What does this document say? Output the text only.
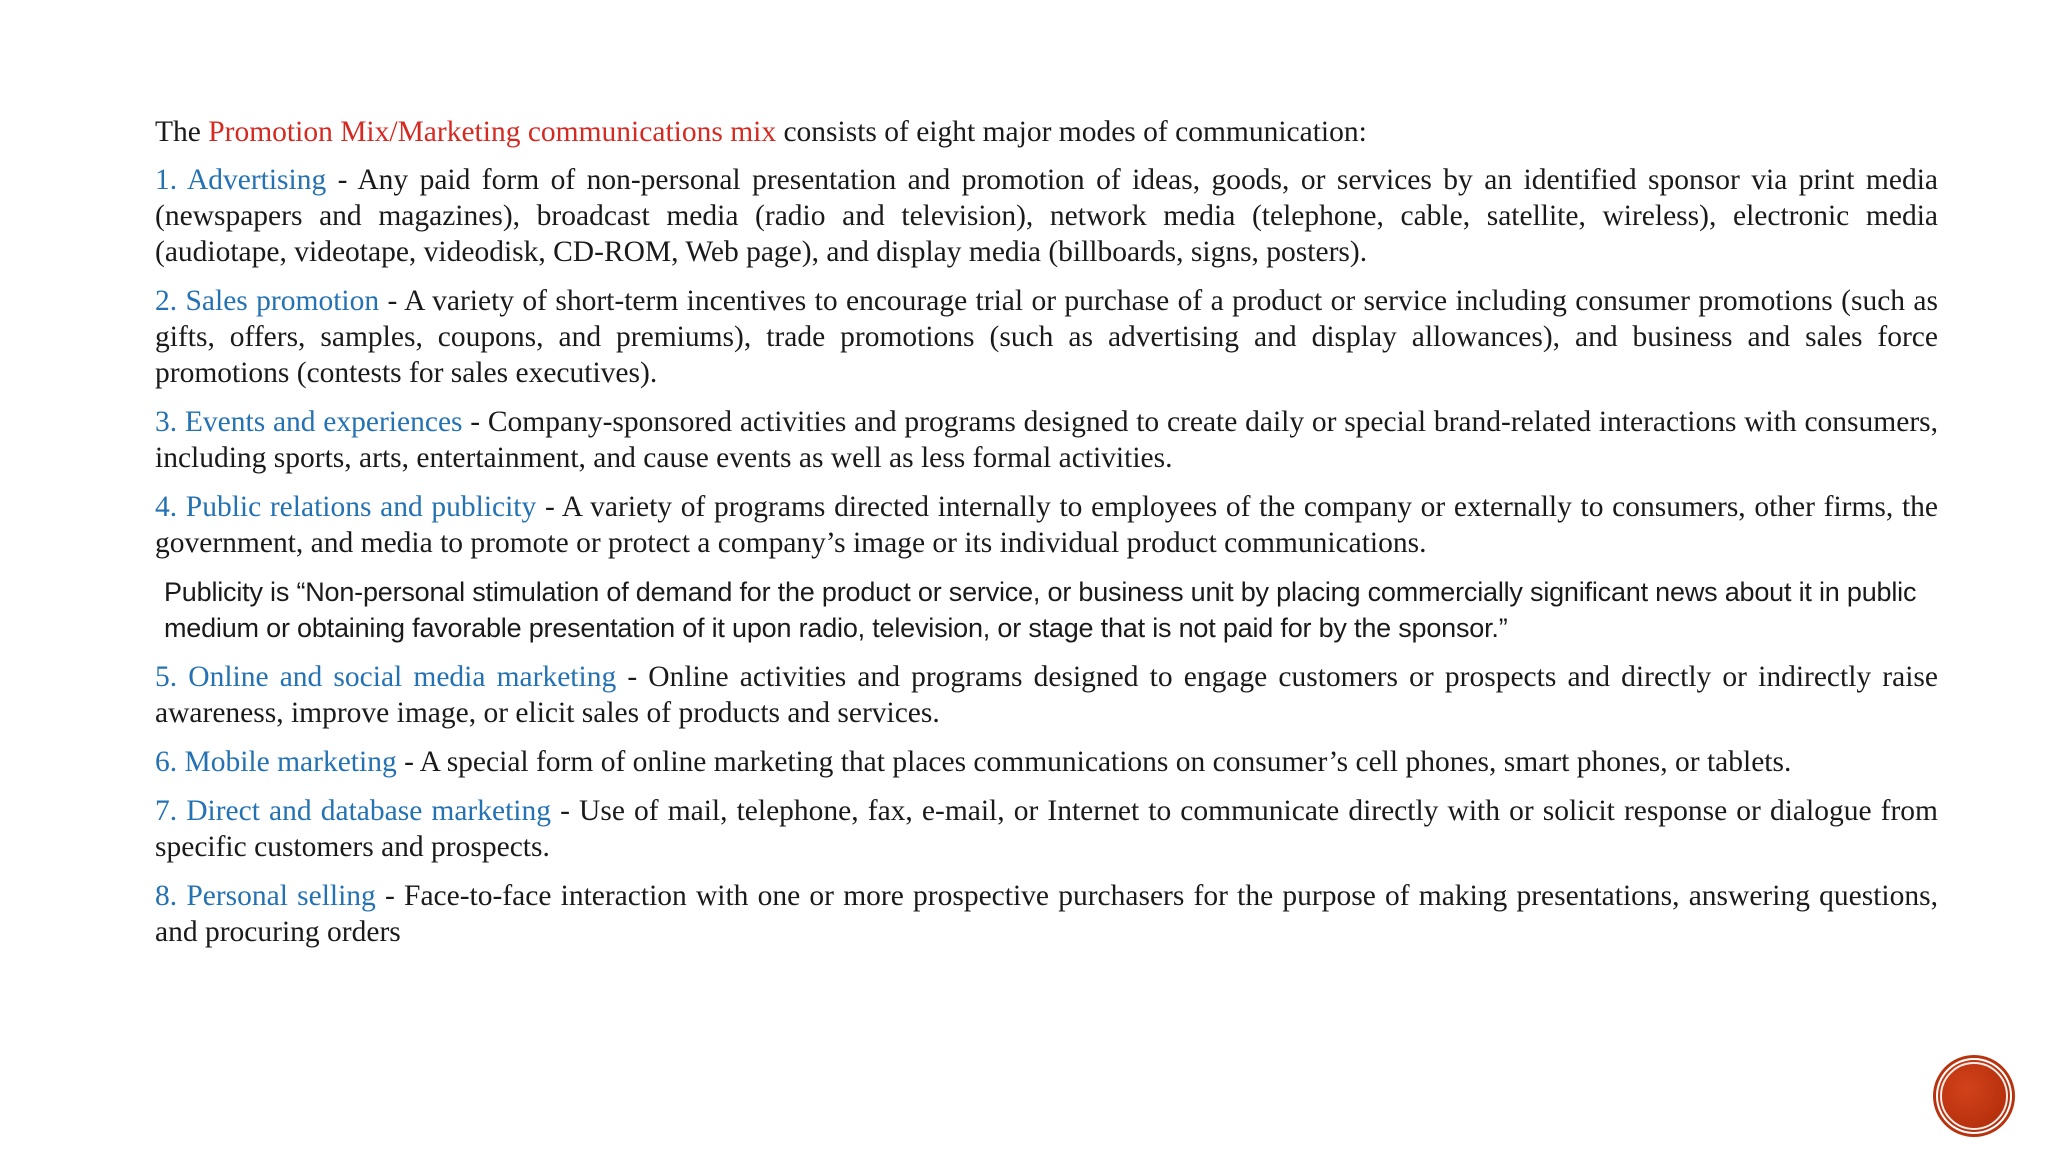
The Promotion Mix/Marketing communications mix consists of eight major modes of communication:

1. Advertising - Any paid form of non-personal presentation and promotion of ideas, goods, or services by an identified sponsor via print media (newspapers and magazines), broadcast media (radio and television), network media (telephone, cable, satellite, wireless), electronic media (audiotape, videotape, videodisk, CD-ROM, Web page), and display media (billboards, signs, posters).

2. Sales promotion - A variety of short-term incentives to encourage trial or purchase of a product or service including consumer promotions (such as gifts, offers, samples, coupons, and premiums), trade promotions (such as advertising and display allowances), and business and sales force promotions (contests for sales executives).

3. Events and experiences - Company-sponsored activities and programs designed to create daily or special brand-related interactions with consumers, including sports, arts, entertainment, and cause events as well as less formal activities.

4. Public relations and publicity - A variety of programs directed internally to employees of the company or externally to consumers, other firms, the government, and media to promote or protect a company’s image or its individual product communications.

Publicity is “Non-personal stimulation of demand for the product or service, or business unit by placing commercially significant news about it in public medium or obtaining favorable presentation of it upon radio, television, or stage that is not paid for by the sponsor.”

5. Online and social media marketing - Online activities and programs designed to engage customers or prospects and directly or indirectly raise awareness, improve image, or elicit sales of products and services.

6. Mobile marketing - A special form of online marketing that places communications on consumer’s cell phones, smart phones, or tablets.

7. Direct and database marketing - Use of mail, telephone, fax, e-mail, or Internet to communicate directly with or solicit response or dialogue from specific customers and prospects.

8. Personal selling - Face-to-face interaction with one or more prospective purchasers for the purpose of making presentations, answering questions, and procuring orders
